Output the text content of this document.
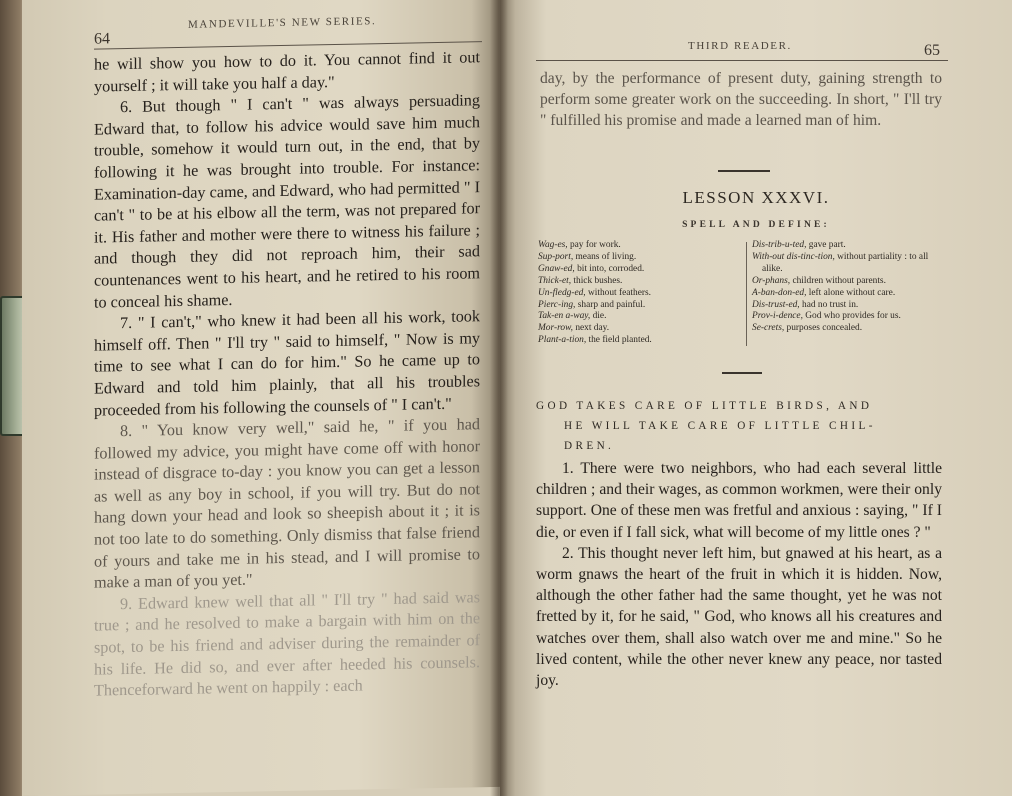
64
MANDEVILLE'S NEW SERIES.

he will show you how to do it. You cannot find it out yourself ; it will take you half a day."

6. But though " I can't " was always persuading Edward that, to follow his advice would save him much trouble, somehow it would turn out, in the end, that by following it he was brought into trouble. For instance: Examination-day came, and Edward, who had permitted " I can't " to be at his elbow all the term, was not prepared for it. His father and mother were there to witness his failure ; and though they did not reproach him, their sad countenances went to his heart, and he retired to his room to conceal his shame.

7. " I can't," who knew it had been all his work, took himself off. Then " I'll try " said to himself, " Now is my time to see what I can do for him." So he came up to Edward and told him plainly, that all his troubles proceeded from his following the counsels of " I can't."

8. " You know very well," said he, " if you had followed my advice, you might have come off with honor instead of disgrace to-day : you know you can get a lesson as well as any boy in school, if you will try. But do not hang down your head and look so sheepish about it ; it is not too late to do something. Only dismiss that false friend of yours and take me in his stead, and I will promise to make a man of you yet."

9. Edward knew well that all " I'll try " had said was true ; and he resolved to make a bargain with him on the spot, to be his friend and adviser during the remainder of his life. He did so, and ever after heeded his counsels. Thenceforward he went on happily : each

THIRD READER.	65

day, by the performance of present duty, gaining strength to perform some greater work on the succeeding. In short, " I'll try " fulfilled his promise and made a learned man of him.

LESSON XXXVI.
SPELL AND DEFINE:
Wag-es, pay for work.
Sup-port, means of living.
Gnaw-ed, bit into, corroded.
Thick-et, thick bushes.
Un-fledg-ed, without feathers.
Pierc-ing, sharp and painful.
Tak-en a-way, die.
Mor-row, next day.
Plant-a-tion, the field planted.
Dis-trib-u-ted, gave part.
With-out dis-tinc-tion, without partiality : to all alike.
Or-phans, children without parents.
A-ban-don-ed, left alone without care.
Dis-trust-ed, had no trust in.
Prov-i-dence, God who provides for us.
Se-crets, purposes concealed.
GOD TAKES CARE OF LITTLE BIRDS, AND
HE WILL TAKE CARE OF LITTLE CHIL-
DREN.

1. There were two neighbors, who had each several little children ; and their wages, as common workmen, were their only support. One of these men was fretful and anxious : saying, " If I die, or even if I fall sick, what will become of my little ones ? "

2. This thought never left him, but gnawed at his heart, as a worm gnaws the heart of the fruit in which it is hidden. Now, although the other father had the same thought, yet he was not fretted by it, for he said, " God, who knows all his creatures and watches over them, shall also watch over me and mine." So he lived content, while the other never knew any peace, nor tasted joy.
